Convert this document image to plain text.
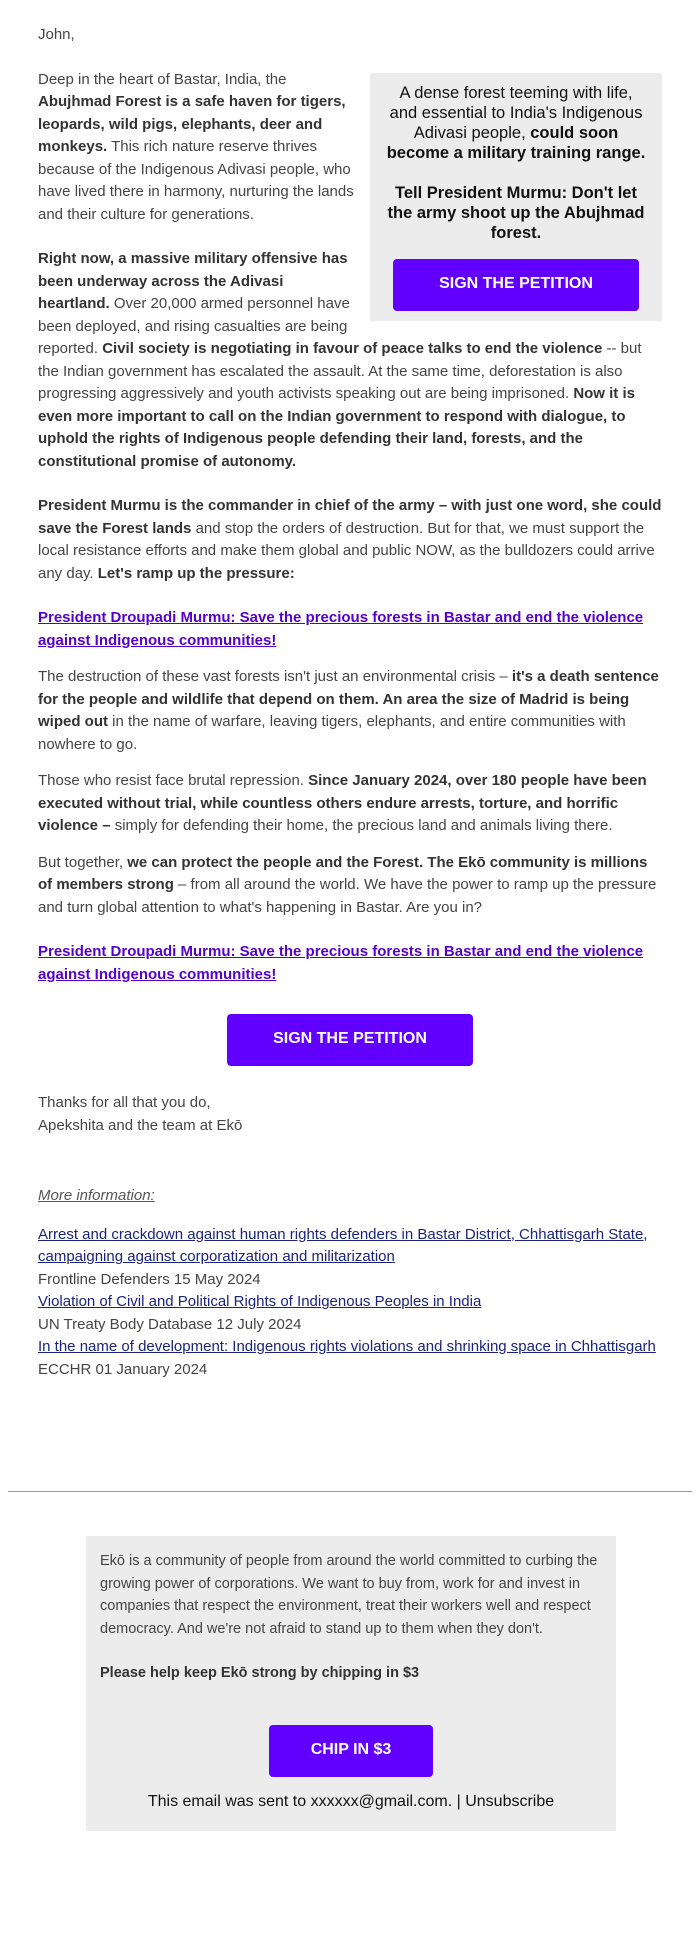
John,

A dense forest teeming with life, and essential to India's Indigenous Adivasi people, could soon become a military training range.
Tell President Murmu: Don't let the army shoot up the Abujhmad forest.
SIGN THE PETITION

Deep in the heart of Bastar, India, the Abujhmad Forest is a safe haven for tigers, leopards, wild pigs, elephants, deer and monkeys. This rich nature reserve thrives because of the Indigenous Adivasi people, who have lived there in harmony, nurturing the lands and their culture for generations.

Right now, a massive military offensive has been underway across the Adivasi heartland. Over 20,000 armed personnel have been deployed, and rising casualties are being reported. Civil society is negotiating in favour of peace talks to end the violence -- but the Indian government has escalated the assault. At the same time, deforestation is also progressing aggressively and youth activists speaking out are being imprisoned. Now it is even more important to call on the Indian government to respond with dialogue, to uphold the rights of Indigenous people defending their land, forests, and the constitutional promise of autonomy.

President Murmu is the commander in chief of the army – with just one word, she could save the Forest lands and stop the orders of destruction. But for that, we must support the local resistance efforts and make them global and public NOW, as the bulldozers could arrive any day. Let's ramp up the pressure:

President Droupadi Murmu: Save the precious forests in Bastar and end the violence against Indigenous communities!

The destruction of these vast forests isn't just an environmental crisis – it's a death sentence for the people and wildlife that depend on them. An area the size of Madrid is being wiped out in the name of warfare, leaving tigers, elephants, and entire communities with nowhere to go.

Those who resist face brutal repression. Since January 2024, over 180 people have been executed without trial, while countless others endure arrests, torture, and horrific violence – simply for defending their home, the precious land and animals living there.

But together, we can protect the people and the Forest. The Ekō community is millions of members strong – from all around the world. We have the power to ramp up the pressure and turn global attention to what's happening in Bastar. Are you in?

President Droupadi Murmu: Save the precious forests in Bastar and end the violence against Indigenous communities!

SIGN THE PETITION

Thanks for all that you do,

Apekshita and the team at Ekō

More information:

Arrest and crackdown against human rights defenders in Bastar District, Chhattisgarh State, campaigning against corporatization and militarization
Frontline Defenders 15 May 2024
Violation of Civil and Political Rights of Indigenous Peoples in India
UN Treaty Body Database 12 July 2024
In the name of development: Indigenous rights violations and shrinking space in Chhattisgarh
ECCHR 01 January 2024

Ekō is a community of people from around the world committed to curbing the growing power of corporations. We want to buy from, work for and invest in companies that respect the environment, treat their workers well and respect democracy. And we're not afraid to stand up to them when they don't.

Please help keep Ekō strong by chipping in $3

CHIP IN $3

This email was sent to xxxxxx@gmail.com. | Unsubscribe
